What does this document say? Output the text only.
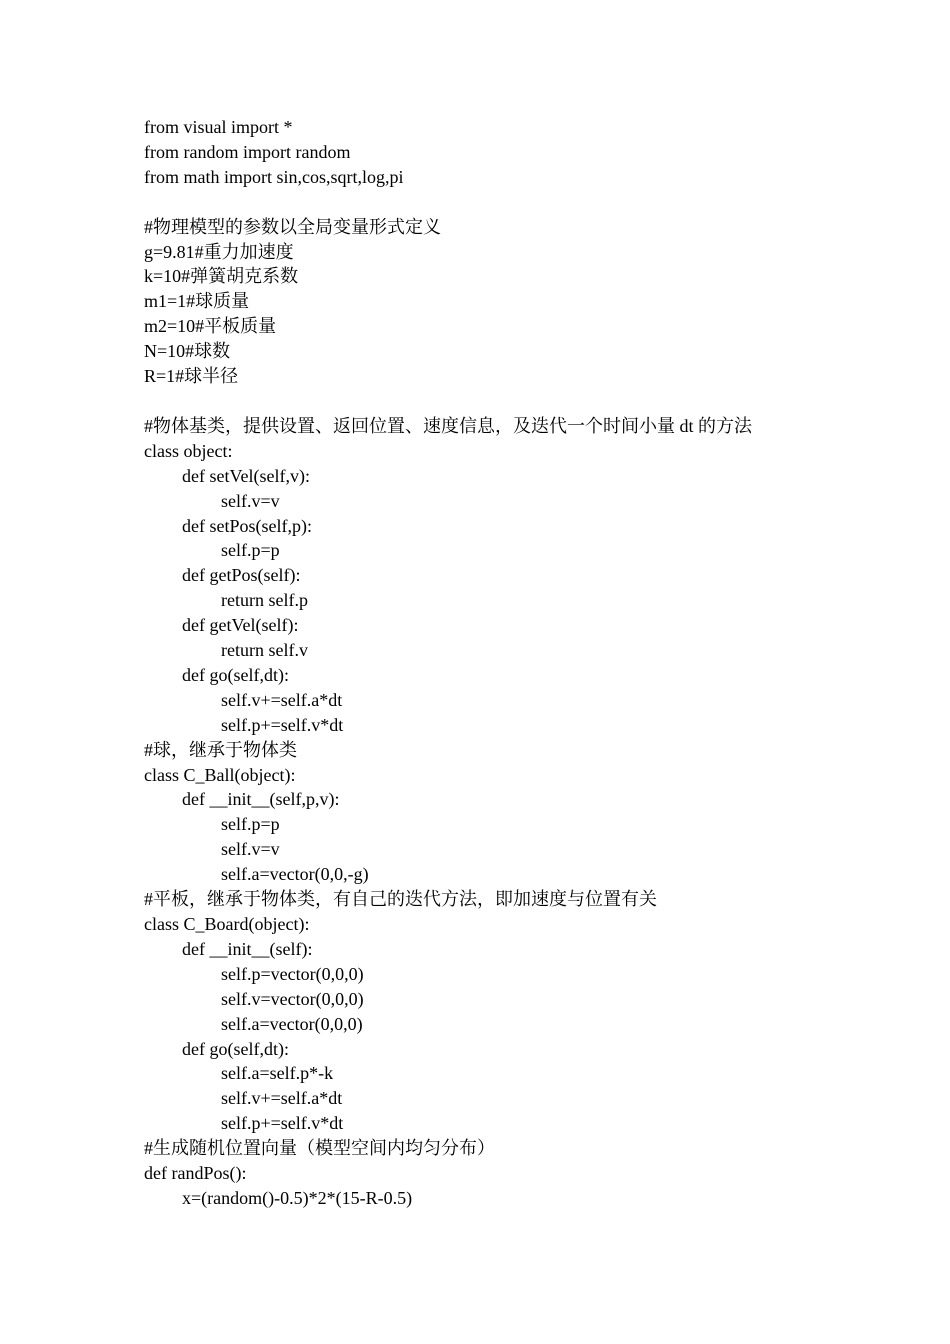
from visual import *
from random import random
from math import sin,cos,sqrt,log,pi
#物理模型的参数以全局变量形式定义
g=9.81#重力加速度
k=10#弹簧胡克系数
m1=1#球质量
m2=10#平板质量
N=10#球数
R=1#球半径
#物体基类，提供设置、返回位置、速度信息，及迭代一个时间小量 dt 的方法
class object:
def setVel(self,v):
self.v=v
def setPos(self,p):
self.p=p
def getPos(self):
return self.p
def getVel(self):
return self.v
def go(self,dt):
self.v+=self.a*dt
self.p+=self.v*dt
#球，继承于物体类
class C_Ball(object):
def __init__(self,p,v):
self.p=p
self.v=v
self.a=vector(0,0,-g)
#平板，继承于物体类，有自己的迭代方法，即加速度与位置有关
class C_Board(object):
def __init__(self):
self.p=vector(0,0,0)
self.v=vector(0,0,0)
self.a=vector(0,0,0)
def go(self,dt):
self.a=self.p*-k
self.v+=self.a*dt
self.p+=self.v*dt
#生成随机位置向量（模型空间内均匀分布）
def randPos():
x=(random()-0.5)*2*(15-R-0.5)
